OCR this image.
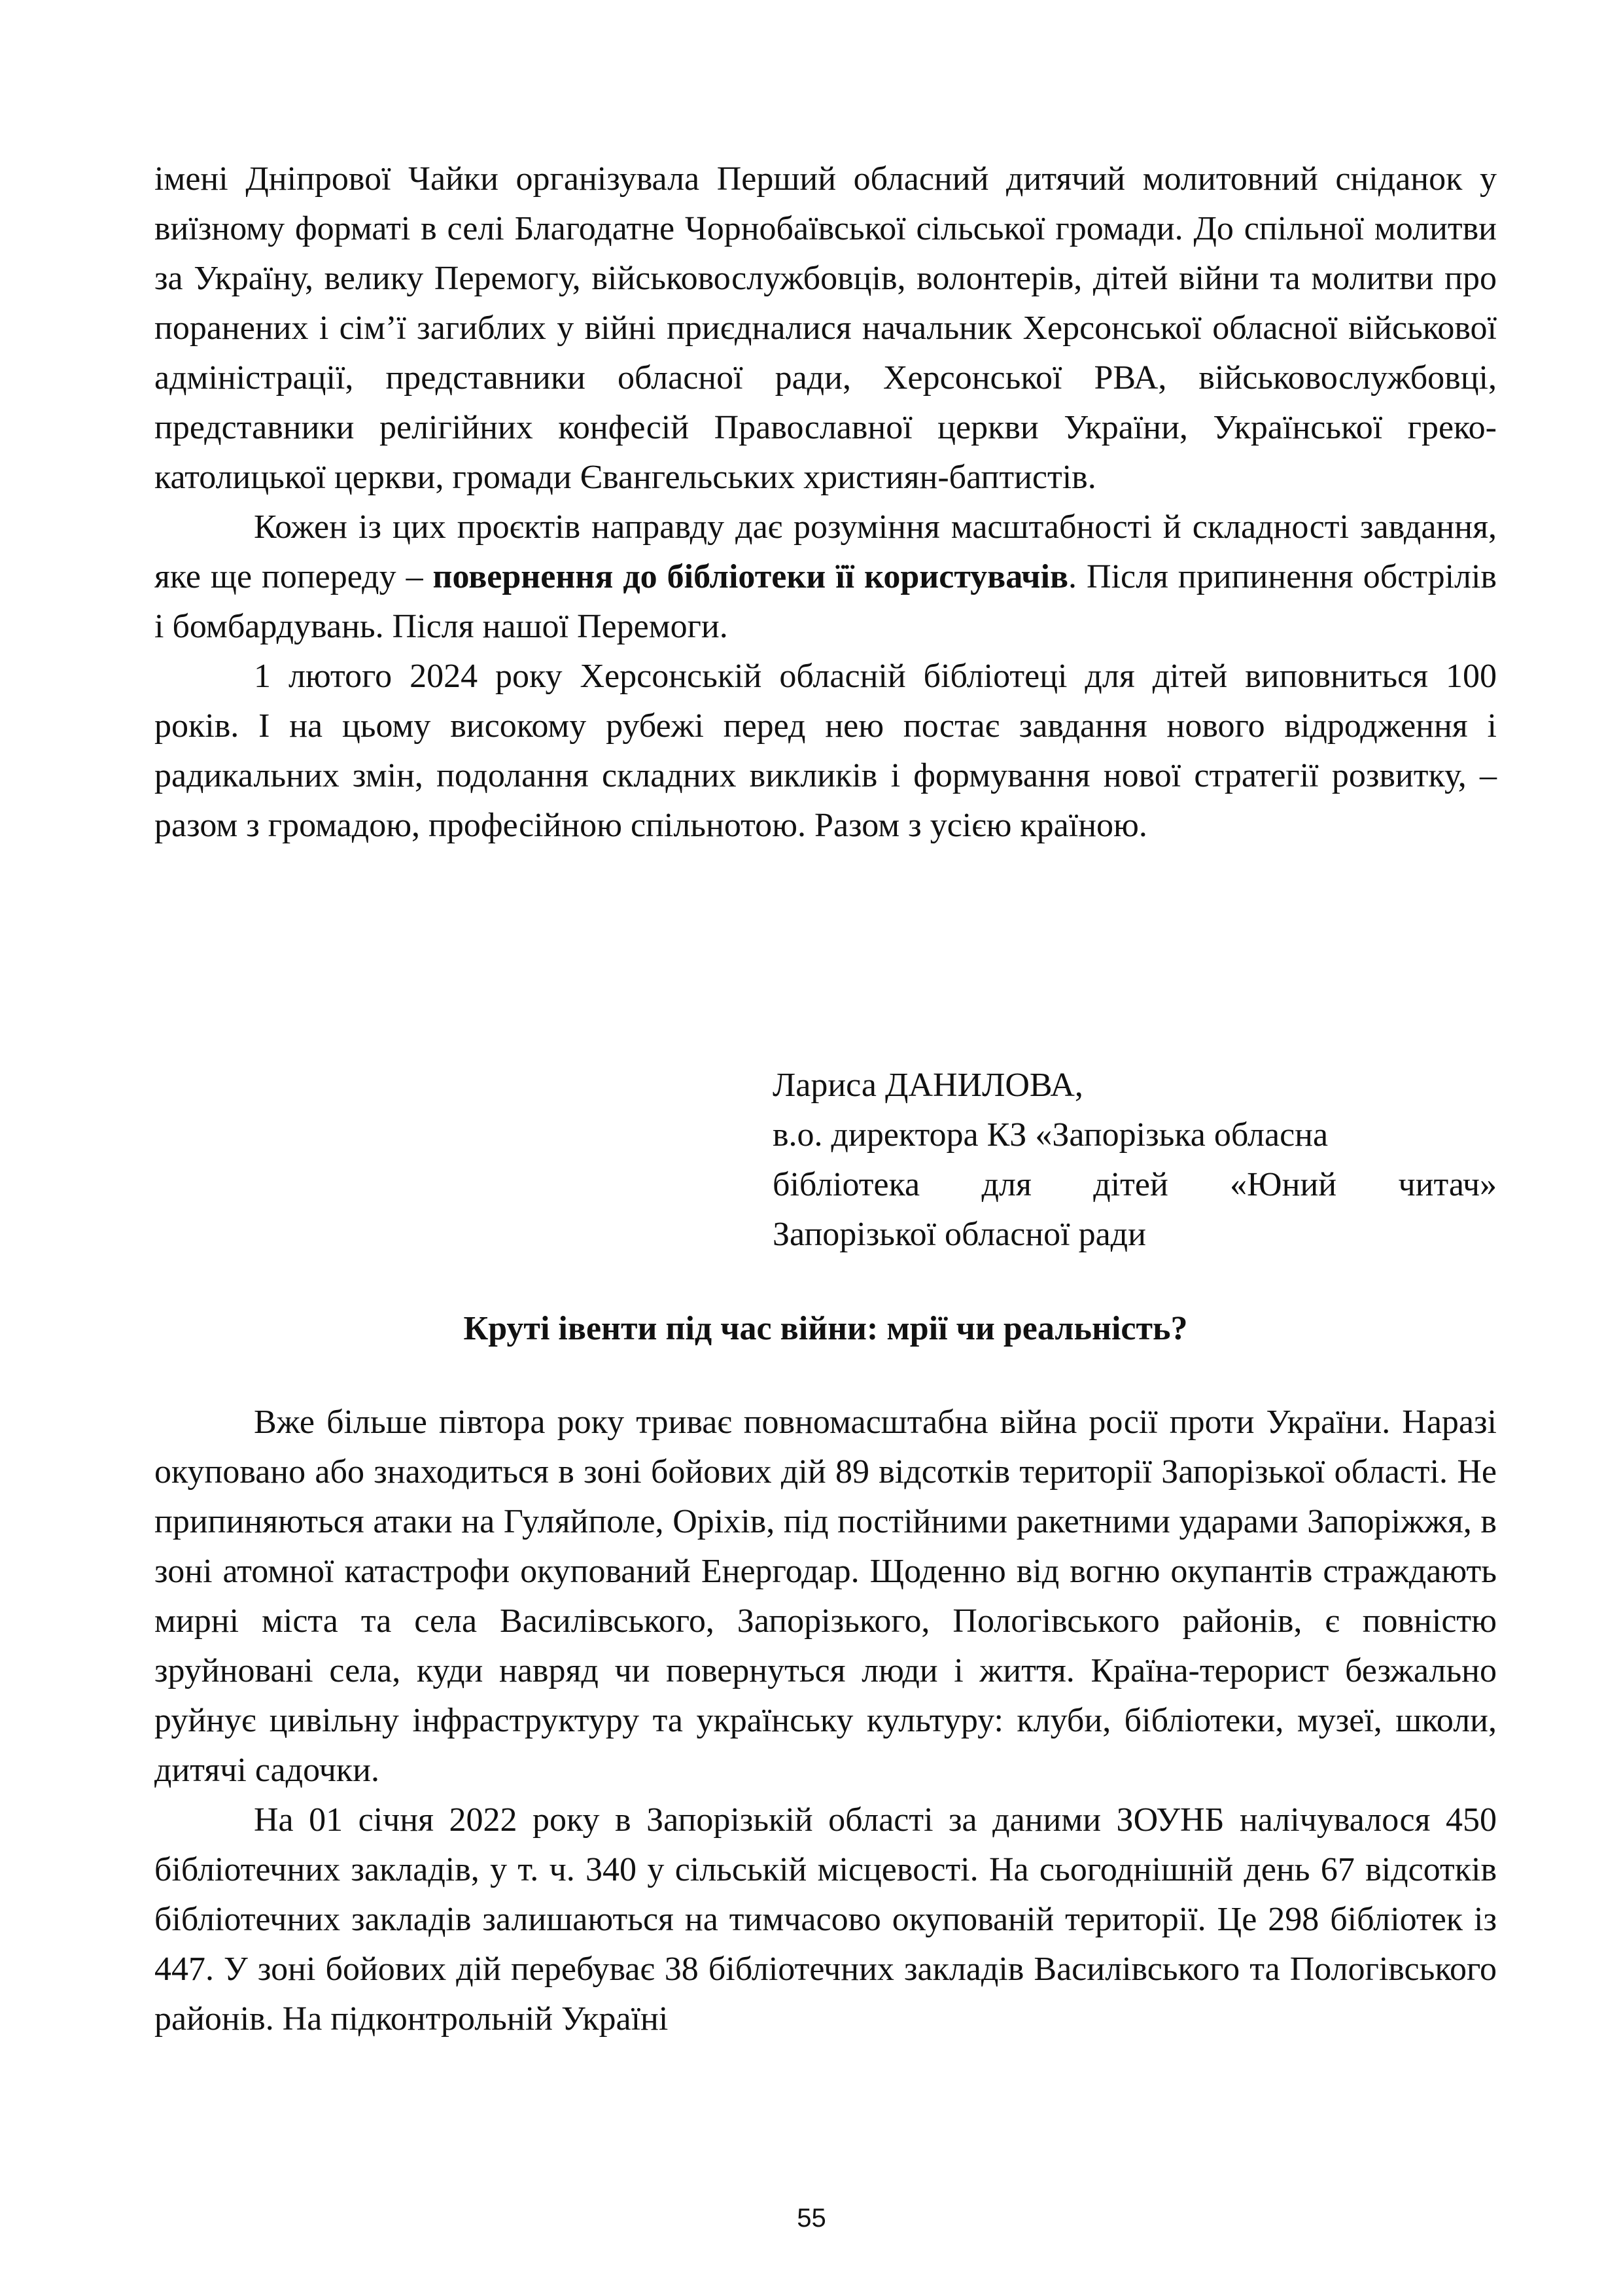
імені Дніпрової Чайки організувала Перший обласний дитячий молитовний сніданок у виїзному форматі в селі Благодатне Чорнобаївської сільської громади. До спільної молитви за Україну, велику Перемогу, військовослужбовців, волонтерів, дітей війни та молитви про поранених і сім’ї загиблих у війні приєдналися начальник Херсонської обласної військової адміністрації, представники обласної ради, Херсонської РВА, військовослужбовці, представники релігійних конфесій Православної церкви України, Української греко-католицької церкви, громади Євангельських християн-баптистів.

Кожен із цих проєктів направду дає розуміння масштабності й складності завдання, яке ще попереду – повернення до бібліотеки її користувачів. Після припинення обстрілів і бомбардувань. Після нашої Перемоги.

1 лютого 2024 року Херсонській обласній бібліотеці для дітей виповниться 100 років. І на цьому високому рубежі перед нею постає завдання нового відродження і радикальних змін, подолання складних викликів і формування нової стратегії розвитку, – разом з громадою, професійною спільнотою. Разом з усією країною.

Лариса ДАНИЛОВА,
в.о. директора КЗ «Запорізька обласна
бібліотека для дітей «Юний читач»
Запорізької обласної ради
Круті івенти під час війни: мрії чи реальність?

Вже більше півтора року триває повномасштабна війна росії проти України. Наразі окуповано або знаходиться в зоні бойових дій 89 відсотків території Запорізької області. Не припиняються атаки на Гуляйполе, Оріхів, під постійними ракетними ударами Запоріжжя, в зоні атомної катастрофи окупований Енергодар. Щоденно від вогню окупантів страждають мирні міста та села Василівського, Запорізького, Пологівського районів, є повністю зруйновані села, куди навряд чи повернуться люди і життя. Країна-терорист безжально руйнує цивільну інфраструктуру та українську культуру: клуби, бібліотеки, музеї, школи, дитячі садочки.

На 01 січня 2022 року в Запорізькій області за даними ЗОУНБ налічувалося 450 бібліотечних закладів, у т. ч. 340 у сільській місцевості. На сьогоднішній день 67 відсотків бібліотечних закладів залишаються на тимчасово окупованій території. Це 298 бібліотек із 447. У зоні бойових дій перебуває 38 бібліотечних закладів Василівського та Пологівського районів. На підконтрольній Україні

55
